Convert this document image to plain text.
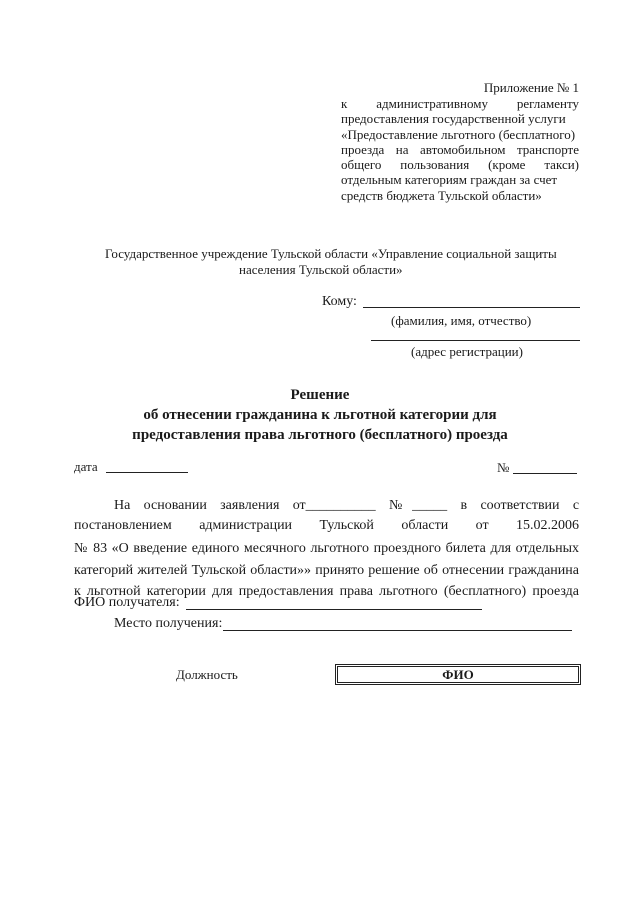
Приложение № 1
к административному регламенту
предоставления государственной услуги
«Предоставление льготного (бесплатного)
проезда на автомобильном транспорте
общего пользования (кроме такси)
отдельным категориям граждан за счет
средств бюджета Тульской области»
Государственное учреждение Тульской области «Управление социальной защиты
населения Тульской области»
Кому:
(фамилия, имя, отчество)
(адрес регистрации)
Решение
об отнесении гражданина к льготной категории для
предоставления права льготного (бесплатного) проезда
дата	№
На основании заявления от__________ №_____ в соответствии с
постановлением администрации Тульской области от 15.02.2006
№ 83 «О введение единого месячного льготного проездного билета для отдельных
категорий жителей Тульской области»» принято решение об отнесении гражданина
к льготной категории для предоставления права льготного (бесплатного) проезда
ФИО получателя:
Место получения:
Должность	ФИО
